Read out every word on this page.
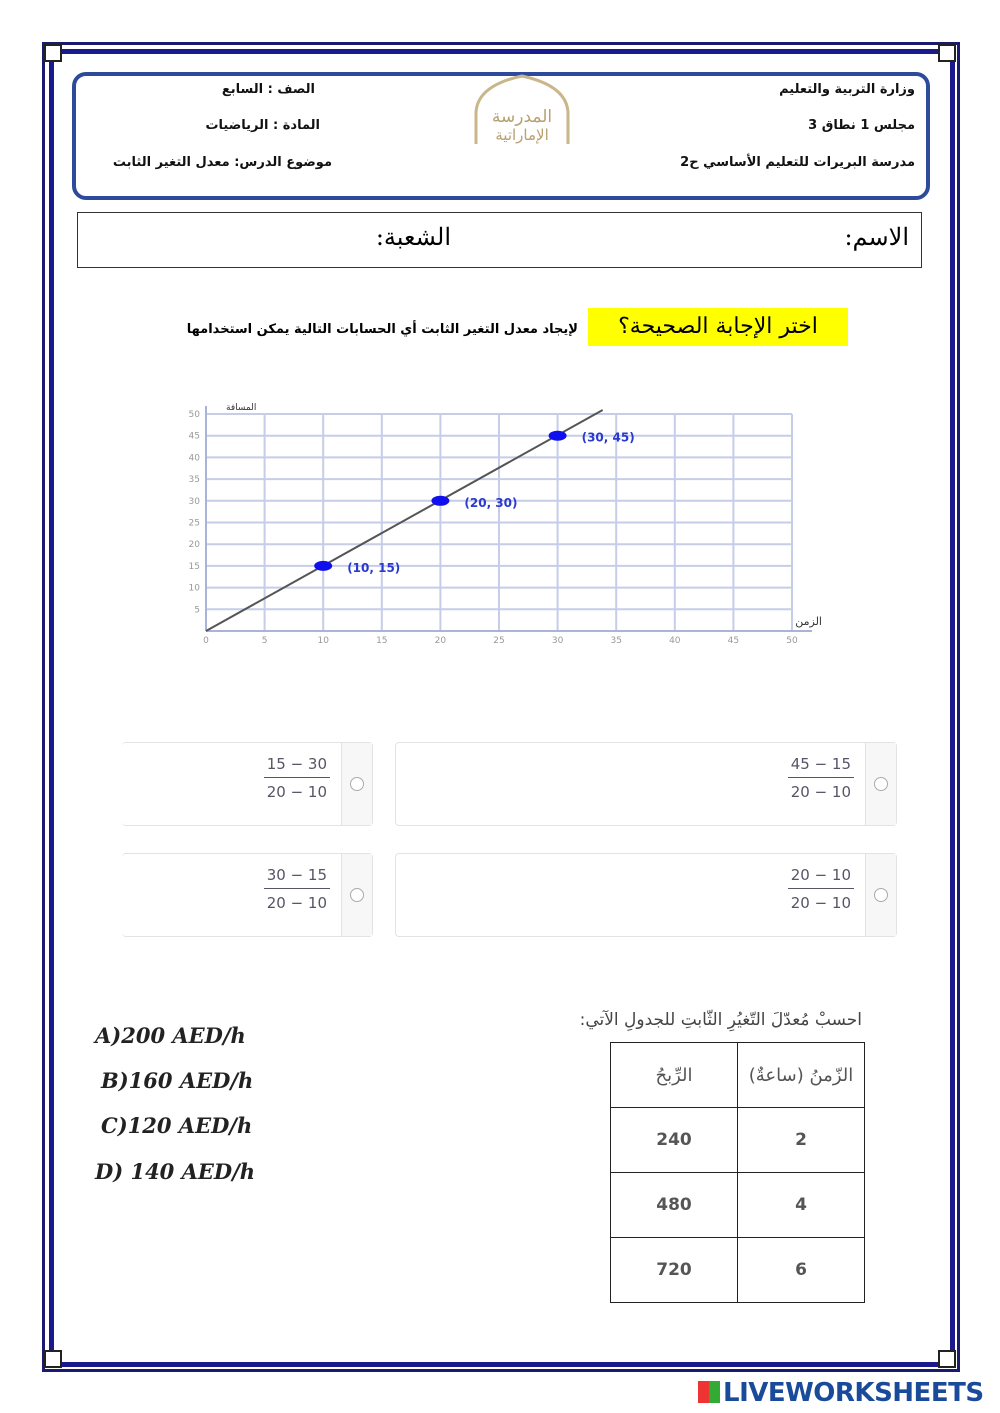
وزارة التربية والتعليم
مجلس 1 نطاق 3
مدرسة البريرات للتعليم الأساسي ح2
الصف : السابع
المادة : الرياضيات
موضوع الدرس: معدل التغير الثابت
المدرسة
الإماراتية
الاسم:
الشعبة:
اختر الإجابة الصحيحة؟
لإيجاد معدل التغير الثابت أي الحسابات التالية يمكن استخدامها
0	5	10	15	20	25	30	35	40	45	50
5
10
15
20
25
30
35
40
45
50
الزمن
المسافة
(10, 15)
(20, 30)
(30, 45)
$\frac{45 - 15}{20 - 10}$
$\frac{15 - 30}{20 - 10}$
$\frac{20 - 10}{20 - 10}$
$\frac{30 - 15}{20 - 10}$
A)200 AED/h
B)160 AED/h
C)120 AED/h
D) 140 AED/h
احسبْ مُعدّلَ التّغيُرِ الثّابتِ للجدولِ الآتي:
الرِّبحُ	الزّمنُ (ساعةٌ)
240	2
480	4
720	6
LIVEWORKSHEETS
